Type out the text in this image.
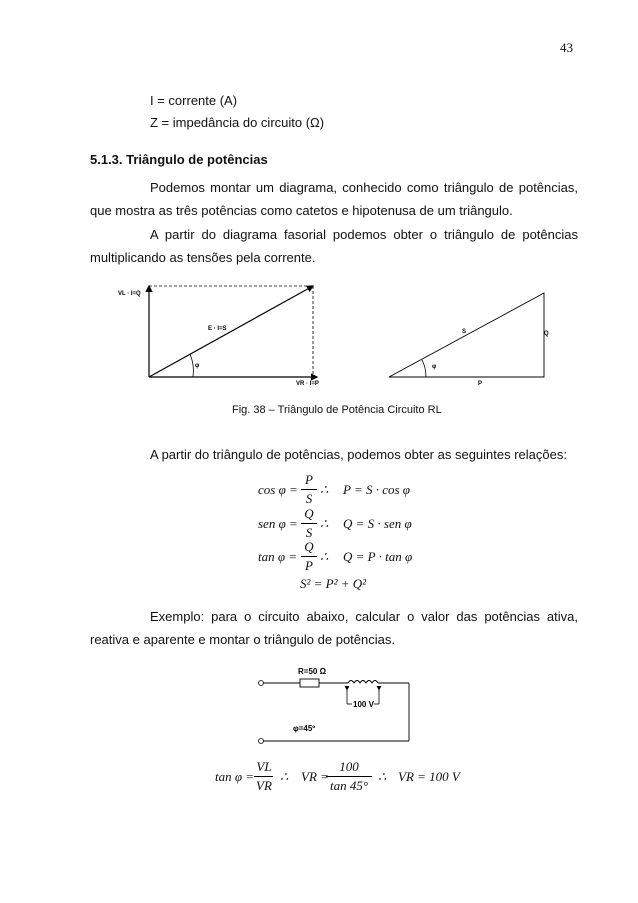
43
I = corrente (A)
Z = impedância do circuito (Ω)
5.1.3. Triângulo de potências
Podemos montar um diagrama, conhecido como triângulo de potências,
que mostra as três potências como catetos e hipotenusa de um triângulo.
A partir do diagrama fasorial podemos obter o triângulo de potências
multiplicando as tensões pela corrente.
VL · I=Q
E · I=S
φ
VR · I=P
S	Q
φ
P
Fig. 38 – Triângulo de Potência Circuito RL
A partir do triângulo de potências, podemos obter as seguintes relações:
cos φ =
P
S
∴ P = S · cos φ
sen φ =
Q
S
∴ Q = S · sen φ
tan φ =
Q
P
∴ Q = P · tan φ
S² = P² + Q²
Exemplo: para o circuito abaixo, calcular o valor das potências ativa,
reativa e aparente e montar o triângulo de potências.
R=50 Ω
100 V
φ=45º
tan φ =
VL
VR
∴ VR =
100
tan 45°
∴ VR = 100 V
